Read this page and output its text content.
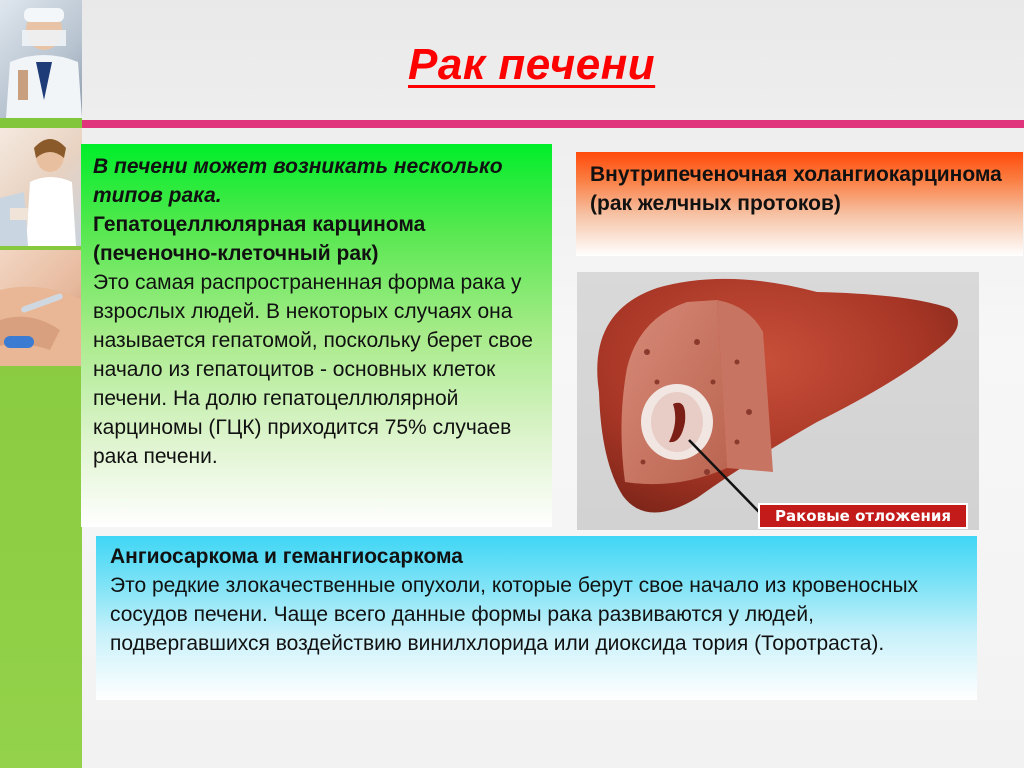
Рак печени
В печени может возникать несколько типов рака.
Гепатоцеллюлярная карцинома (печеночно-клеточный рак)
Это самая распространенная форма рака у взрослых людей. В некоторых случаях она называется гепатомой, поскольку берет свое начало из гепатоцитов - основных клеток печени. На долю гепатоцеллюлярной карциномы (ГЦК) приходится 75% случаев рака печени.
Внутрипеченочная холангиокарцинома (рак желчных протоков)
Раковые отложения
Ангиосаркома и гемангиосаркома
Это редкие злокачественные опухоли, которые берут свое начало из кровеносных сосудов печени. Чаще всего данные формы рака развиваются у людей, подвергавшихся воздействию винилхлорида или диоксида тория (Торотраста).
